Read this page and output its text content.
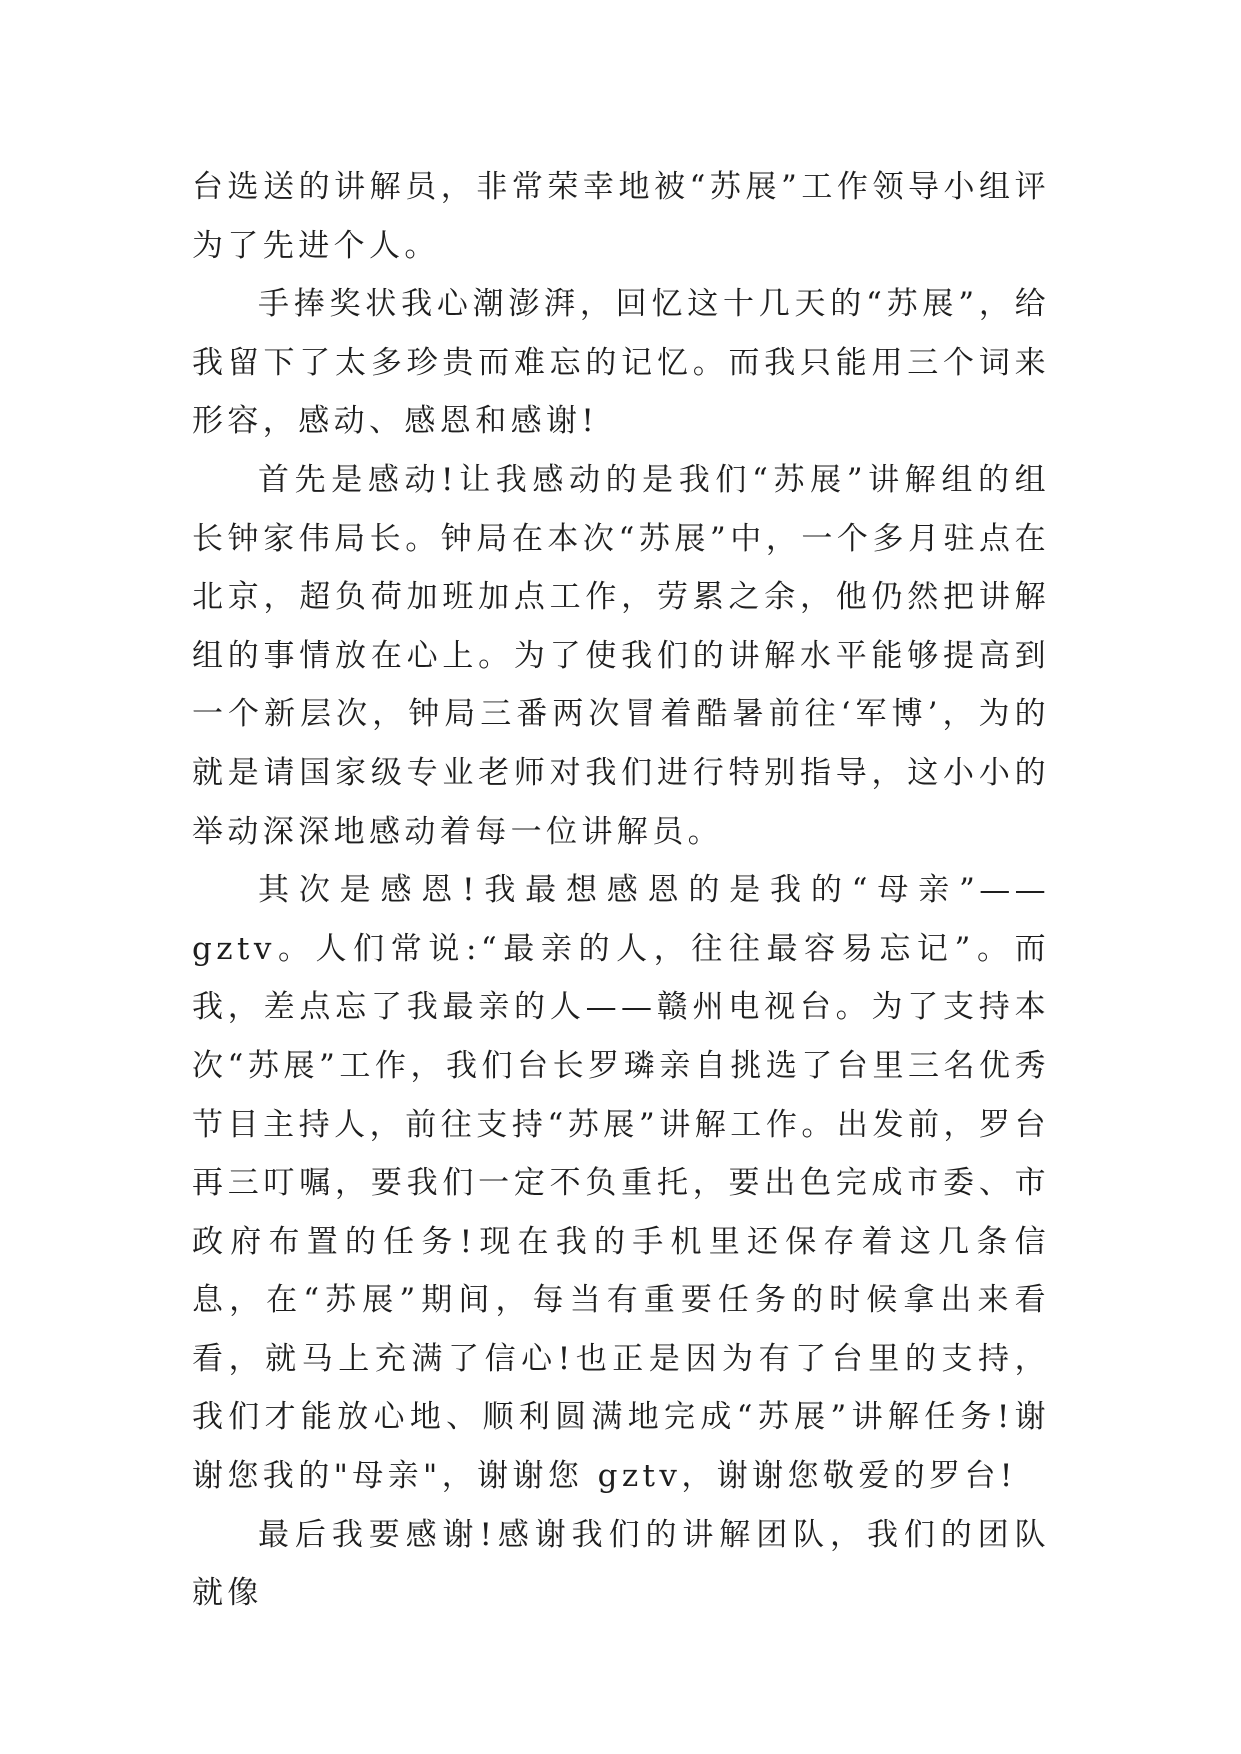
台选送的讲解员，非常荣幸地被“苏展”工作领导小组评为了先进个人。

手捧奖状我心潮澎湃，回忆这十几天的“苏展”，给我留下了太多珍贵而难忘的记忆。而我只能用三个词来形容，感动、感恩和感谢!

首先是感动!让我感动的是我们“苏展”讲解组的组长钟家伟局长。钟局在本次“苏展”中，一个多月驻点在北京，超负荷加班加点工作，劳累之余，他仍然把讲解组的事情放在心上。为了使我们的讲解水平能够提高到一个新层次，钟局三番两次冒着酷暑前往‘军博’，为的就是请国家级专业老师对我们进行特别指导，这小小的举动深深地感动着每一位讲解员。

其次是感恩!我最想感恩的是我的“母亲”——gztv。人们常说:“最亲的人，往往最容易忘记”。而我，差点忘了我最亲的人——赣州电视台。为了支持本次“苏展”工作，我们台长罗璘亲自挑选了台里三名优秀节目主持人，前往支持“苏展”讲解工作。出发前，罗台再三叮嘱，要我们一定不负重托，要出色完成市委、市政府布置的任务!现在我的手机里还保存着这几条信息，在“苏展”期间，每当有重要任务的时候拿出来看看，就马上充满了信心!也正是因为有了台里的支持，我们才能放心地、顺利圆满地完成“苏展”讲解任务!谢谢您我的"母亲"，谢谢您 gztv，谢谢您敬爱的罗台!

最后我要感谢!感谢我们的讲解团队，我们的团队就像
